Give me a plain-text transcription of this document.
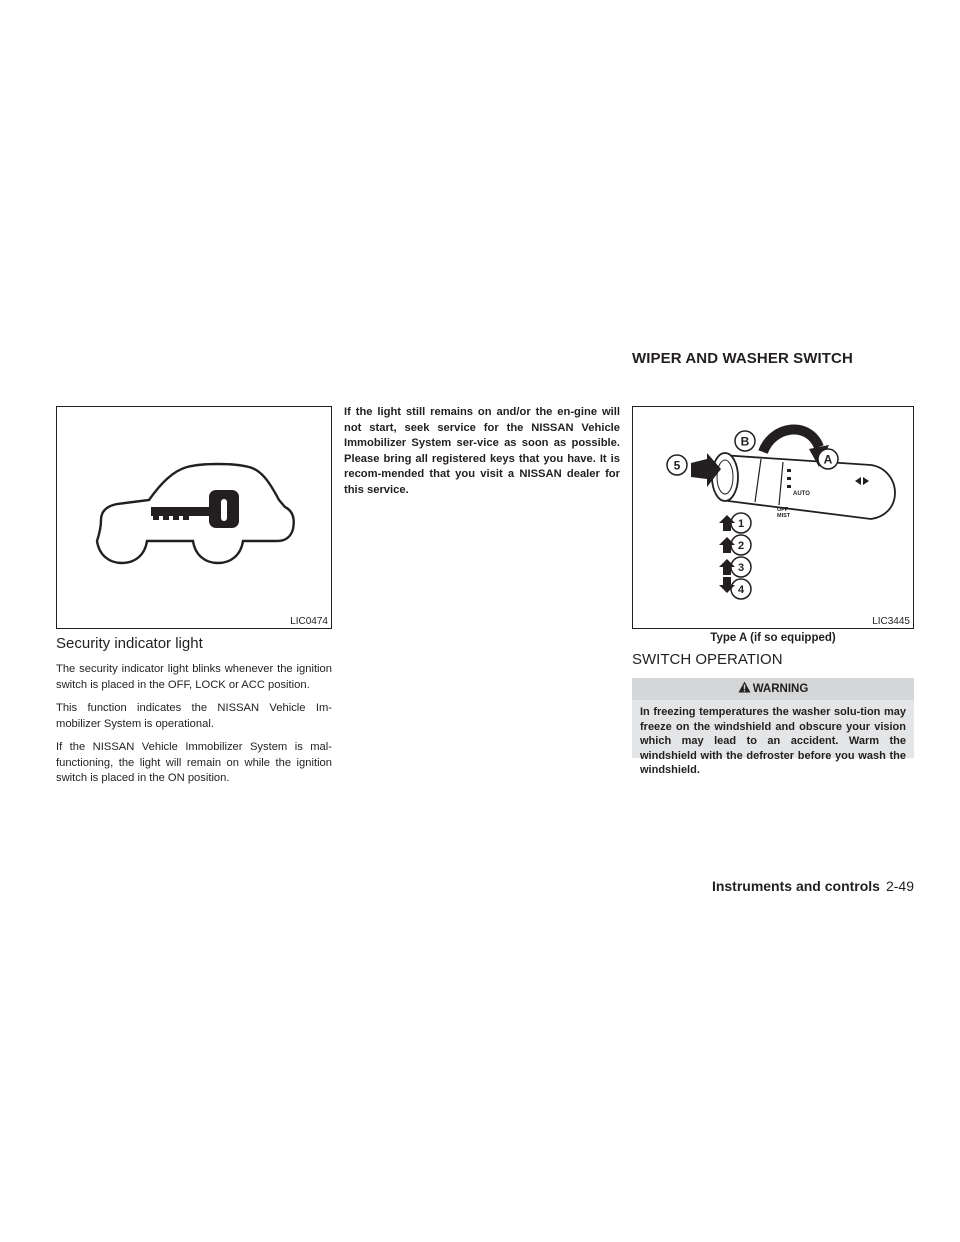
WIPER AND WASHER SWITCH
LIC0474
B
A
5
1
2
3
4
AUTO
OFF
MIST
LIC3445
Type A (if so equipped)
Security indicator light

The security indicator light blinks whenever the ignition switch is placed in the OFF, LOCK or ACC position.

This function indicates the NISSAN Vehicle Im-mobilizer System is operational.

If the NISSAN Vehicle Immobilizer System is mal-functioning, the light will remain on while the ignition switch is placed in the ON position.

If the light still remains on and/or the en-gine will not start, seek service for the NISSAN Vehicle Immobilizer System ser-vice as soon as possible. Please bring all registered keys that you have. It is recom-mended that you visit a NISSAN dealer for this service.
SWITCH OPERATION
WARNING
In freezing temperatures the washer solu-tion may freeze on the windshield and obscure your vision which may lead to an accident. Warm the windshield with the defroster before you wash the windshield.
Instruments and controls 2-49
